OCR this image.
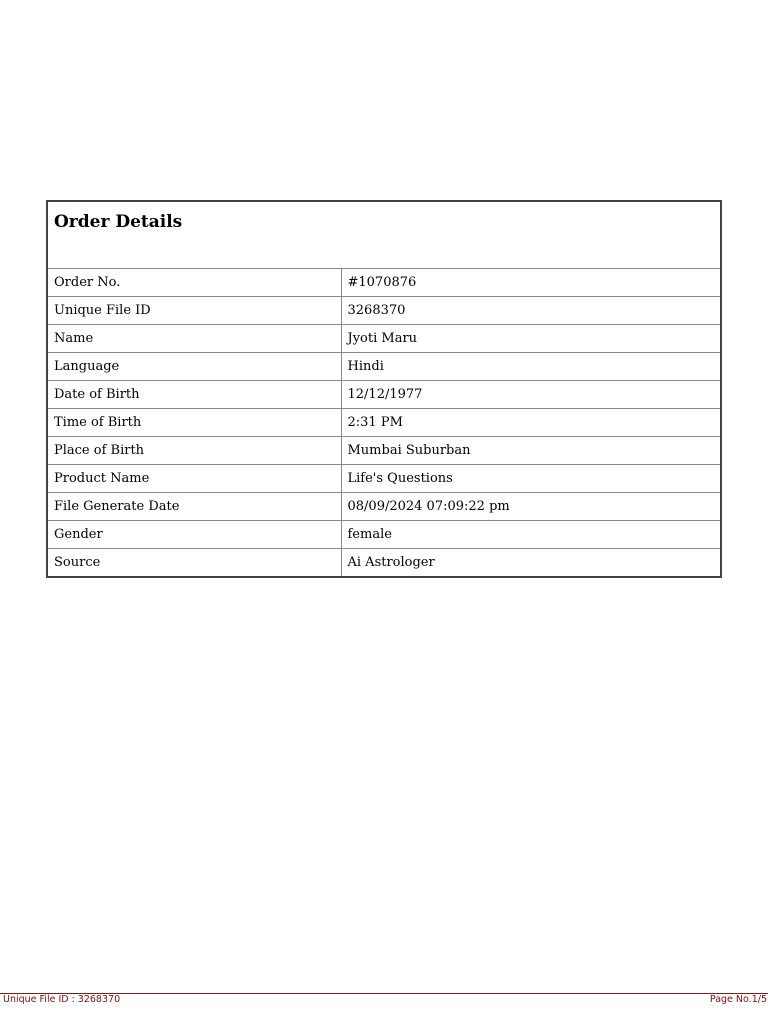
Order Details	
Order No.	#1070876
Unique File ID	3268370
Name	Jyoti Maru
Language	Hindi
Date of Birth	12/12/1977
Time of Birth	2:31 PM
Place of Birth	Mumbai Suburban
Product Name	Life's Questions
File Generate Date	08/09/2024 07:09:22 pm
Gender	female
Source	Ai Astrologer
Unique File ID : 3268370	Page No.1/5
